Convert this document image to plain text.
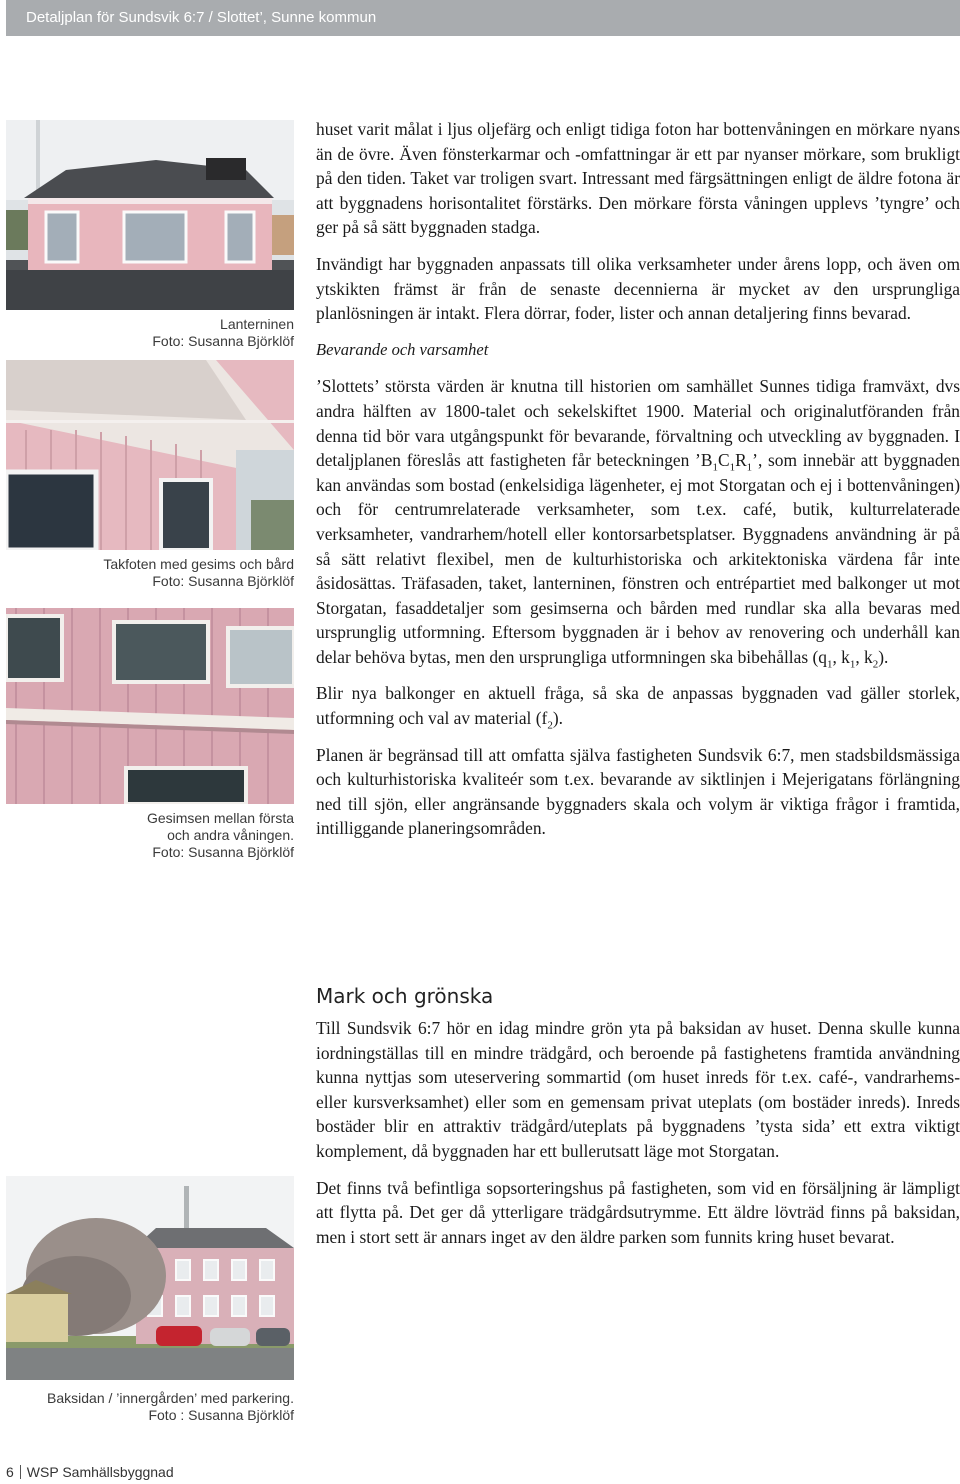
Detaljplan för Sundsvik 6:7 / Slottet’, Sunne kommun
Lanterninen
Foto: Susanna Björklöf
Takfoten med gesims och bård
Foto: Susanna Björklöf
Gesimsen mellan första
och andra våningen.
Foto: Susanna Björklöf
Baksidan / ’innergården’ med parkering.
Foto : Susanna Björklöf

huset varit målat i ljus oljefärg och enligt tidiga foton har bottenvåningen en mörkare nyans än de övre. Även fönsterkarmar och -omfattningar är ett par nyanser mörkare, som brukligt på den tiden. Taket var troligen svart. Intressant med färgsättningen enligt de äldre fotona är att byggnadens horisontalitet förstärks. Den mörkare första våningen upplevs ’tyngre’ och ger på så sätt byggnaden stadga.

Invändigt har byggnaden anpassats till olika verksamheter under årens lopp, och även om ytskikten främst är från de senaste decennierna är mycket av den ursprungliga planlösningen är intakt. Flera dörrar, foder, lister och annan detaljering finns bevarad.

Bevarande och varsamhet

’Slottets’ största värden är knutna till historien om samhället Sunnes tidiga framväxt, dvs andra hälften av 1800-talet och sekelskiftet 1900. Material och originalutföranden från denna tid bör vara utgångspunkt för bevarande, förvaltning och utveckling av byggnaden. I detaljplanen föreslås att fastigheten får beteckningen $’B_1C_1R_1$’, som innebär att byggnaden kan användas som bostad (enkelsidiga lägenheter, ej mot Storgatan och ej i bottenvåningen) och för centrumrelaterade verksamheter, som t.ex. café, butik, kulturrelaterade verksamheter, vandrarhem/hotell eller kontorsarbetsplatser. Byggnadens användning är på så sätt relativt flexibel, men de kulturhistoriska och arkitektoniska värdena får inte åsidosättas. Träfasaden, taket, lanterninen, fönstren och entrépartiet med balkonger ut mot Storgatan, fasaddetaljer som gesimserna och bården med rundlar ska alla bevaras med ursprunglig utformning. Eftersom byggnaden är i behov av renovering och underhåll kan delar behöva bytas, men den ursprungliga utformningen ska bibehållas ($q_1$, $k_1$, $k_2$).

Blir nya balkonger en aktuell fråga, så ska de anpassas byggnaden vad gäller storlek, utformning och val av material $(f_2)$.

Planen är begränsad till att omfatta själva fastigheten Sundsvik 6:7, men stadsbildsmässiga och kulturhistoriska kvaliteér som t.ex. bevarande av siktlinjen i Mejerigatans förlängning ned till sjön, eller angränsande byggnaders skala och volym är viktiga frågor i framtida, intilliggande planeringsområden.

Mark och grönska

Till Sundsvik 6:7 hör en idag mindre grön yta på baksidan av huset. Denna skulle kunna iordningställas till en mindre trädgård, och beroende på fastighetens framtida användning kunna nyttjas som uteservering sommartid (om huset inreds för t.ex. café-, vandrarhems- eller kursverksamhet) eller som en gemensam privat uteplats (om bostäder inreds). Inreds bostäder blir en attraktiv trädgård/uteplats på byggnadens ’tysta sida’ ett extra viktigt komplement, då byggnaden har ett bullerutsatt läge mot Storgatan.

Det finns två befintliga sopsorteringshus på fastigheten, som vid en försäljning är lämpligt att flytta på. Det ger då ytterligare trädgårdsutrymme. Ett äldre lövträd finns på baksidan, men i stort sett är annars inget av den äldre parken som funnits kring huset bevarat.

6 WSP Samhällsbyggnad
